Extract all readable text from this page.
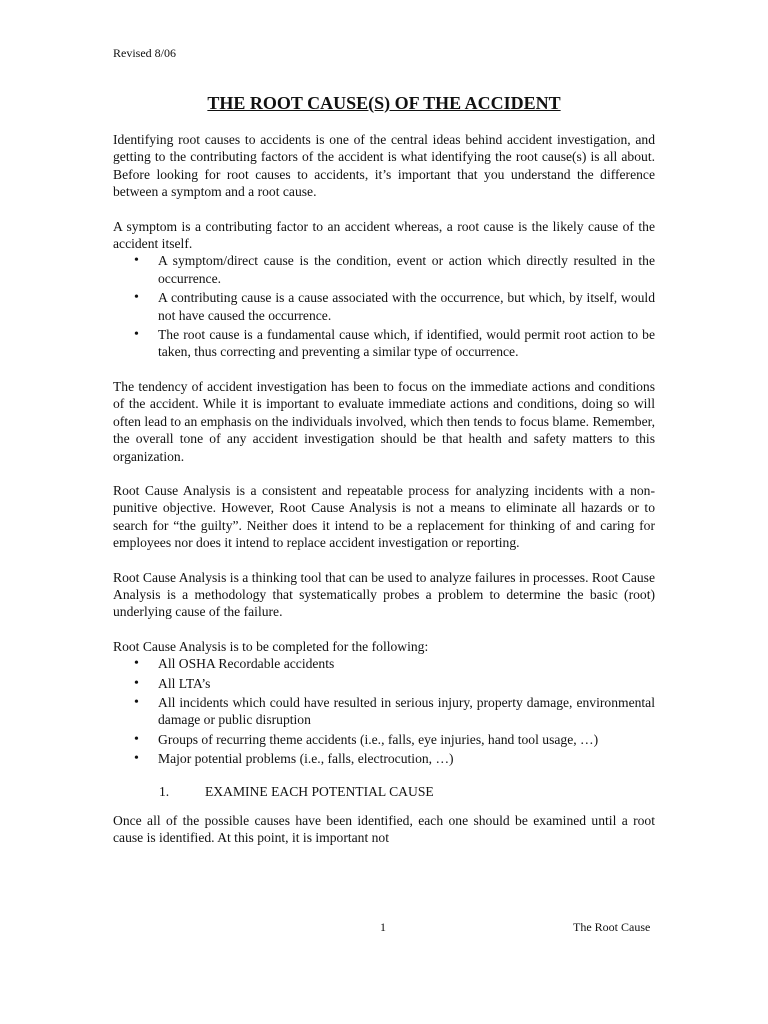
Revised 8/06
THE ROOT CAUSE(S) OF THE ACCIDENT

Identifying root causes to accidents is one of the central ideas behind accident investigation, and getting to the contributing factors of the accident is what identifying the root cause(s) is all about. Before looking for root causes to accidents, it’s important that you understand the difference between a symptom and a root cause.

A symptom is a contributing factor to an accident whereas, a root cause is the likely cause of the accident itself.

• A symptom/direct cause is the condition, event or action which directly resulted in the occurrence.
• A contributing cause is a cause associated with the occurrence, but which, by itself, would not have caused the occurrence.
• The root cause is a fundamental cause which, if identified, would permit root action to be taken, thus correcting and preventing a similar type of occurrence.

The tendency of accident investigation has been to focus on the immediate actions and conditions of the accident. While it is important to evaluate immediate actions and conditions, doing so will often lead to an emphasis on the individuals involved, which then tends to focus blame. Remember, the overall tone of any accident investigation should be that health and safety matters to this organization.

Root Cause Analysis is a consistent and repeatable process for analyzing incidents with a non-punitive objective. However, Root Cause Analysis is not a means to eliminate all hazards or to search for “the guilty”. Neither does it intend to be a replacement for thinking of and caring for employees nor does it intend to replace accident investigation or reporting.

Root Cause Analysis is a thinking tool that can be used to analyze failures in processes. Root Cause Analysis is a methodology that systematically probes a problem to determine the basic (root) underlying cause of the failure.

Root Cause Analysis is to be completed for the following:

• All OSHA Recordable accidents
• All LTA’s
• All incidents which could have resulted in serious injury, property damage, environmental damage or public disruption
• Groups of recurring theme accidents (i.e., falls, eye injuries, hand tool usage, …)
• Major potential problems (i.e., falls, electrocution, …)
1.	EXAMINE EACH POTENTIAL CAUSE

Once all of the possible causes have been identified, each one should be examined until a root cause is identified. At this point, it is important not

1	The Root Cause
